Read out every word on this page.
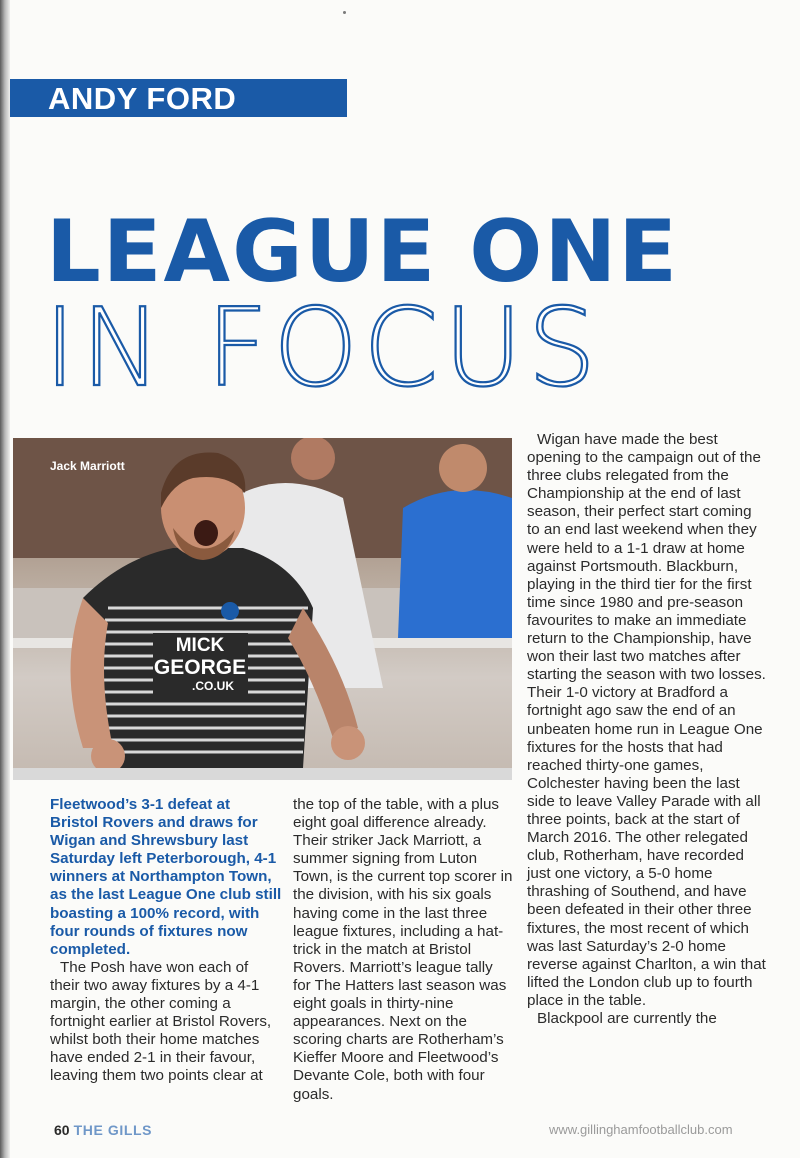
ANDY FORD
LEAGUE ONE
IN FOCUS
MICK
GEORGE
.CO.UK
Jack Marriott

Fleetwood’s 3-1 defeat at Bristol Rovers and draws for Wigan and Shrewsbury last Saturday left Peterborough, 4-1 winners at Northampton Town, as the last League One club still boasting a 100% record, with four rounds of fixtures now completed.

The Posh have won each of their two away fixtures by a 4-1 margin, the other coming a fortnight earlier at Bristol Rovers, whilst both their home matches have ended 2-1 in their favour, leaving them two points clear at

Wigan have made the best opening to the campaign out of the three clubs relegated from the Championship at the end of last season, their perfect start coming to an end last weekend when they were held to a 1-1 draw at home against Portsmouth. Blackburn, playing in the third tier for the first time since 1980 and pre-season favourites to make an immediate return to the Championship, have won their last two matches after starting the season with two losses. Their 1-0 victory at Bradford a fortnight ago saw the end of an unbeaten home run in League One fixtures for the hosts that had reached thirty-one games, Colchester having been the last side to leave Valley Parade with all three points, back at the start of March 2016. The other relegated club, Rotherham, have recorded just one victory, a 5-0 home thrashing of Southend, and have been defeated in their other three fixtures, the most recent of which was last Saturday’s 2-0 home reverse against Charlton, a win that lifted the London club up to fourth place in the table.

Blackpool are currently the

60 THE GILLS	www.gillinghamfootballclub.com

the top of the table, with a plus eight goal difference already. Their striker Jack Marriott, a summer signing from Luton Town, is the current top scorer in the division, with his six goals having come in the last three league fixtures, including a hat-trick in the match at Bristol Rovers. Marriott’s league tally for The Hatters last season was eight goals in thirty-nine appearances. Next on the scoring charts are Rotherham’s Kieffer Moore and Fleetwood’s Devante Cole, both with four goals.
